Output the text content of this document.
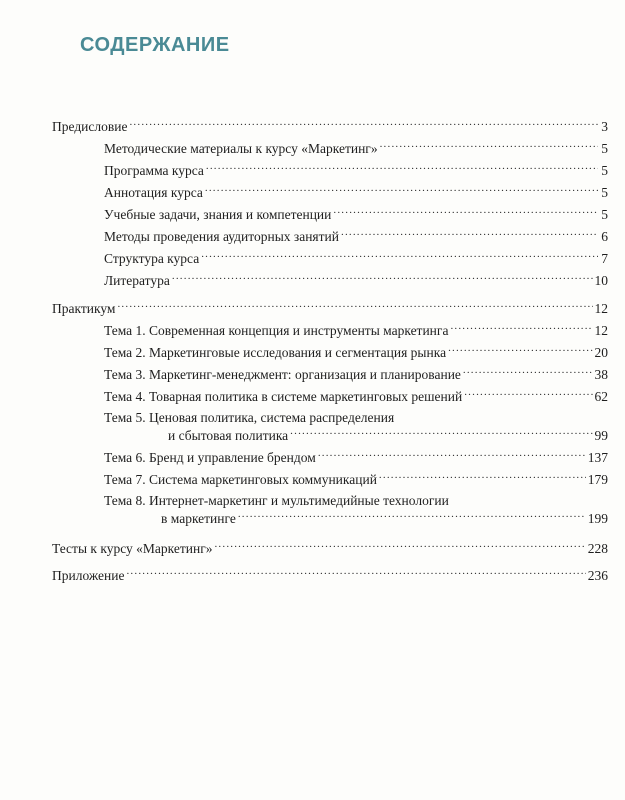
СОДЕРЖАНИЕ
Предисловие .....	3
Методические материалы к курсу «Маркетинг» .....	5
Программа курса .....	5
Аннотация курса .....	5
Учебные задачи, знания и компетенции .....	5
Методы проведения аудиторных занятий .....	6
Структура курса .....	7
Литература .....	10
Практикум .....	12
Тема 1. Современная концепция и инструменты маркетинга .....	12
Тема 2. Маркетинговые исследования и сегментация рынка .....	20
Тема 3. Маркетинг-менеджмент: организация и планирование .....	38
Тема 4. Товарная политика в системе маркетинговых решений .....	62
Тема 5. Ценовая политика, система распределения
и сбытовая политика .....	99
Тема 6. Бренд и управление брендом .....	137
Тема 7. Система маркетинговых коммуникаций .....	179
Тема 8. Интернет-маркетинг и мультимедийные технологии
в маркетинге .....	199
Тесты к курсу «Маркетинг» .....	228
Приложение .....	236
